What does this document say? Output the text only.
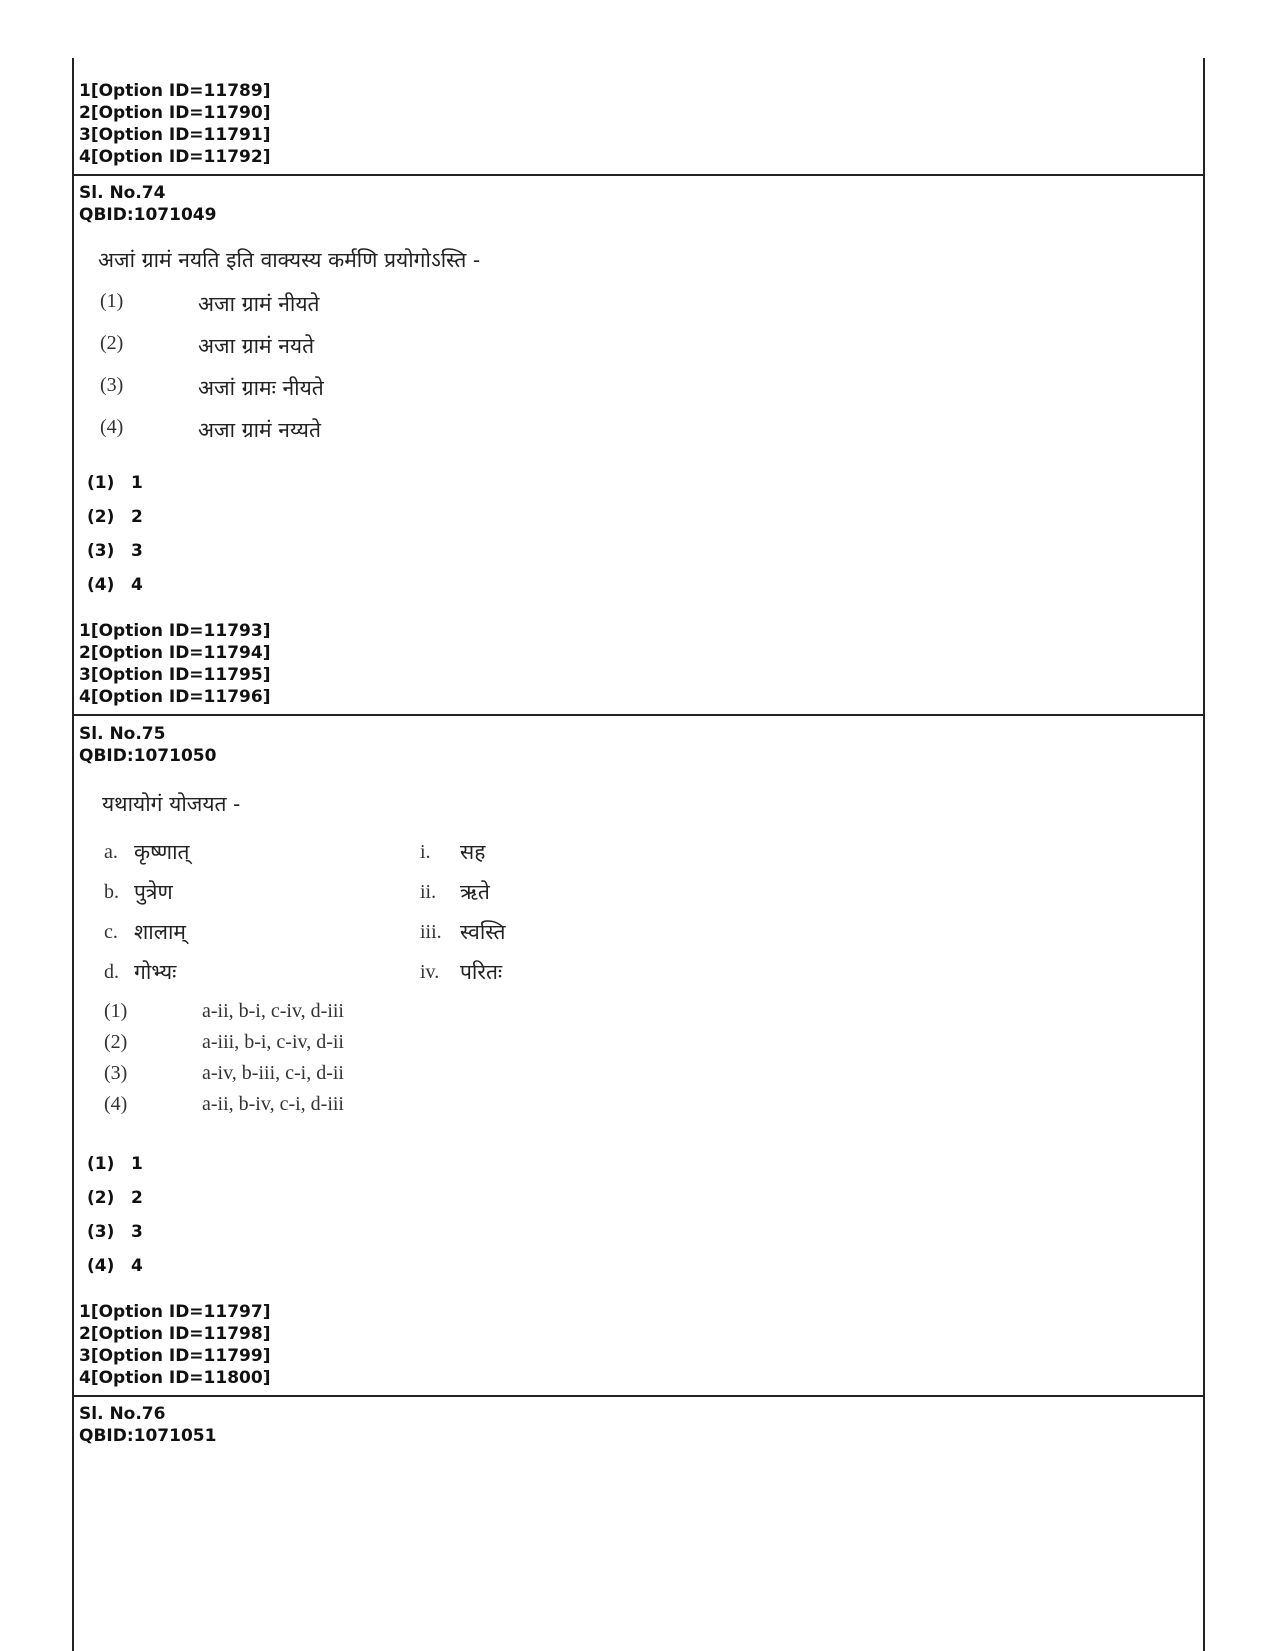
1[Option ID=11789]
2[Option ID=11790]
3[Option ID=11791]
4[Option ID=11792]
Sl. No.74
QBID:1071049
अजां ग्रामं नयति इति वाक्यस्य कर्मणि प्रयोगोऽस्ति -
(1)	अजा ग्रामं नीयते
(2)	अजा ग्रामं नयते
(3)	अजां ग्रामः नीयते
(4)	अजा ग्रामं नय्यते
(1) 1
(2) 2
(3) 3
(4) 4
1[Option ID=11793]
2[Option ID=11794]
3[Option ID=11795]
4[Option ID=11796]
Sl. No.75
QBID:1071050
यथायोगं योजयत -
a. कृष्णात्	i. सह
b. पुत्रेण	ii. ऋते
c. शालाम्	iii. स्वस्ति
d. गोभ्यः	iv. परितः
(1)	a-ii, b-i, c-iv, d-iii
(2)	a-iii, b-i, c-iv, d-ii
(3)	a-iv, b-iii, c-i, d-ii
(4)	a-ii, b-iv, c-i, d-iii
(1) 1
(2) 2
(3) 3
(4) 4
1[Option ID=11797]
2[Option ID=11798]
3[Option ID=11799]
4[Option ID=11800]
Sl. No.76
QBID:1071051
